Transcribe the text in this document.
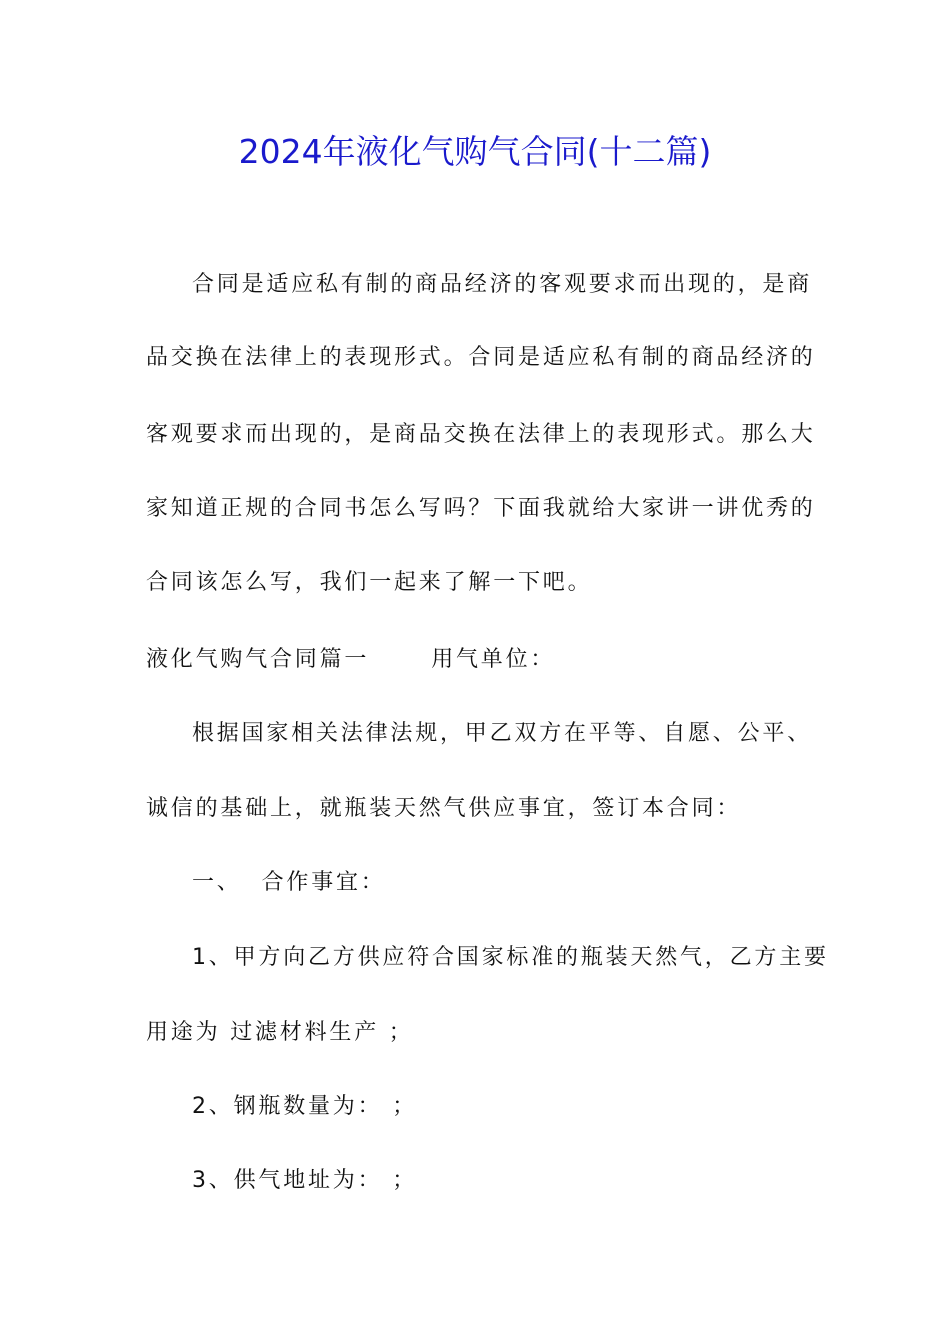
2024年液化气购气合同(十二篇)
合同是适应私有制的商品经济的客观要求而出现的，是商
品交换在法律上的表现形式。合同是适应私有制的商品经济的
客观要求而出现的，是商品交换在法律上的表现形式。那么大
家知道正规的合同书怎么写吗？下面我就给大家讲一讲优秀的
合同该怎么写，我们一起来了解一下吧。
液化气购气合同篇一	用气单位：
根据国家相关法律法规，甲乙双方在平等、自愿、公平、
诚信的基础上，就瓶装天然气供应事宜，签订本合同：
一、 合作事宜：
1、甲方向乙方供应符合国家标准的瓶装天然气，乙方主要
用途为 过滤材料生产 ；
2、钢瓶数量为： ；
3、供气地址为： ；
